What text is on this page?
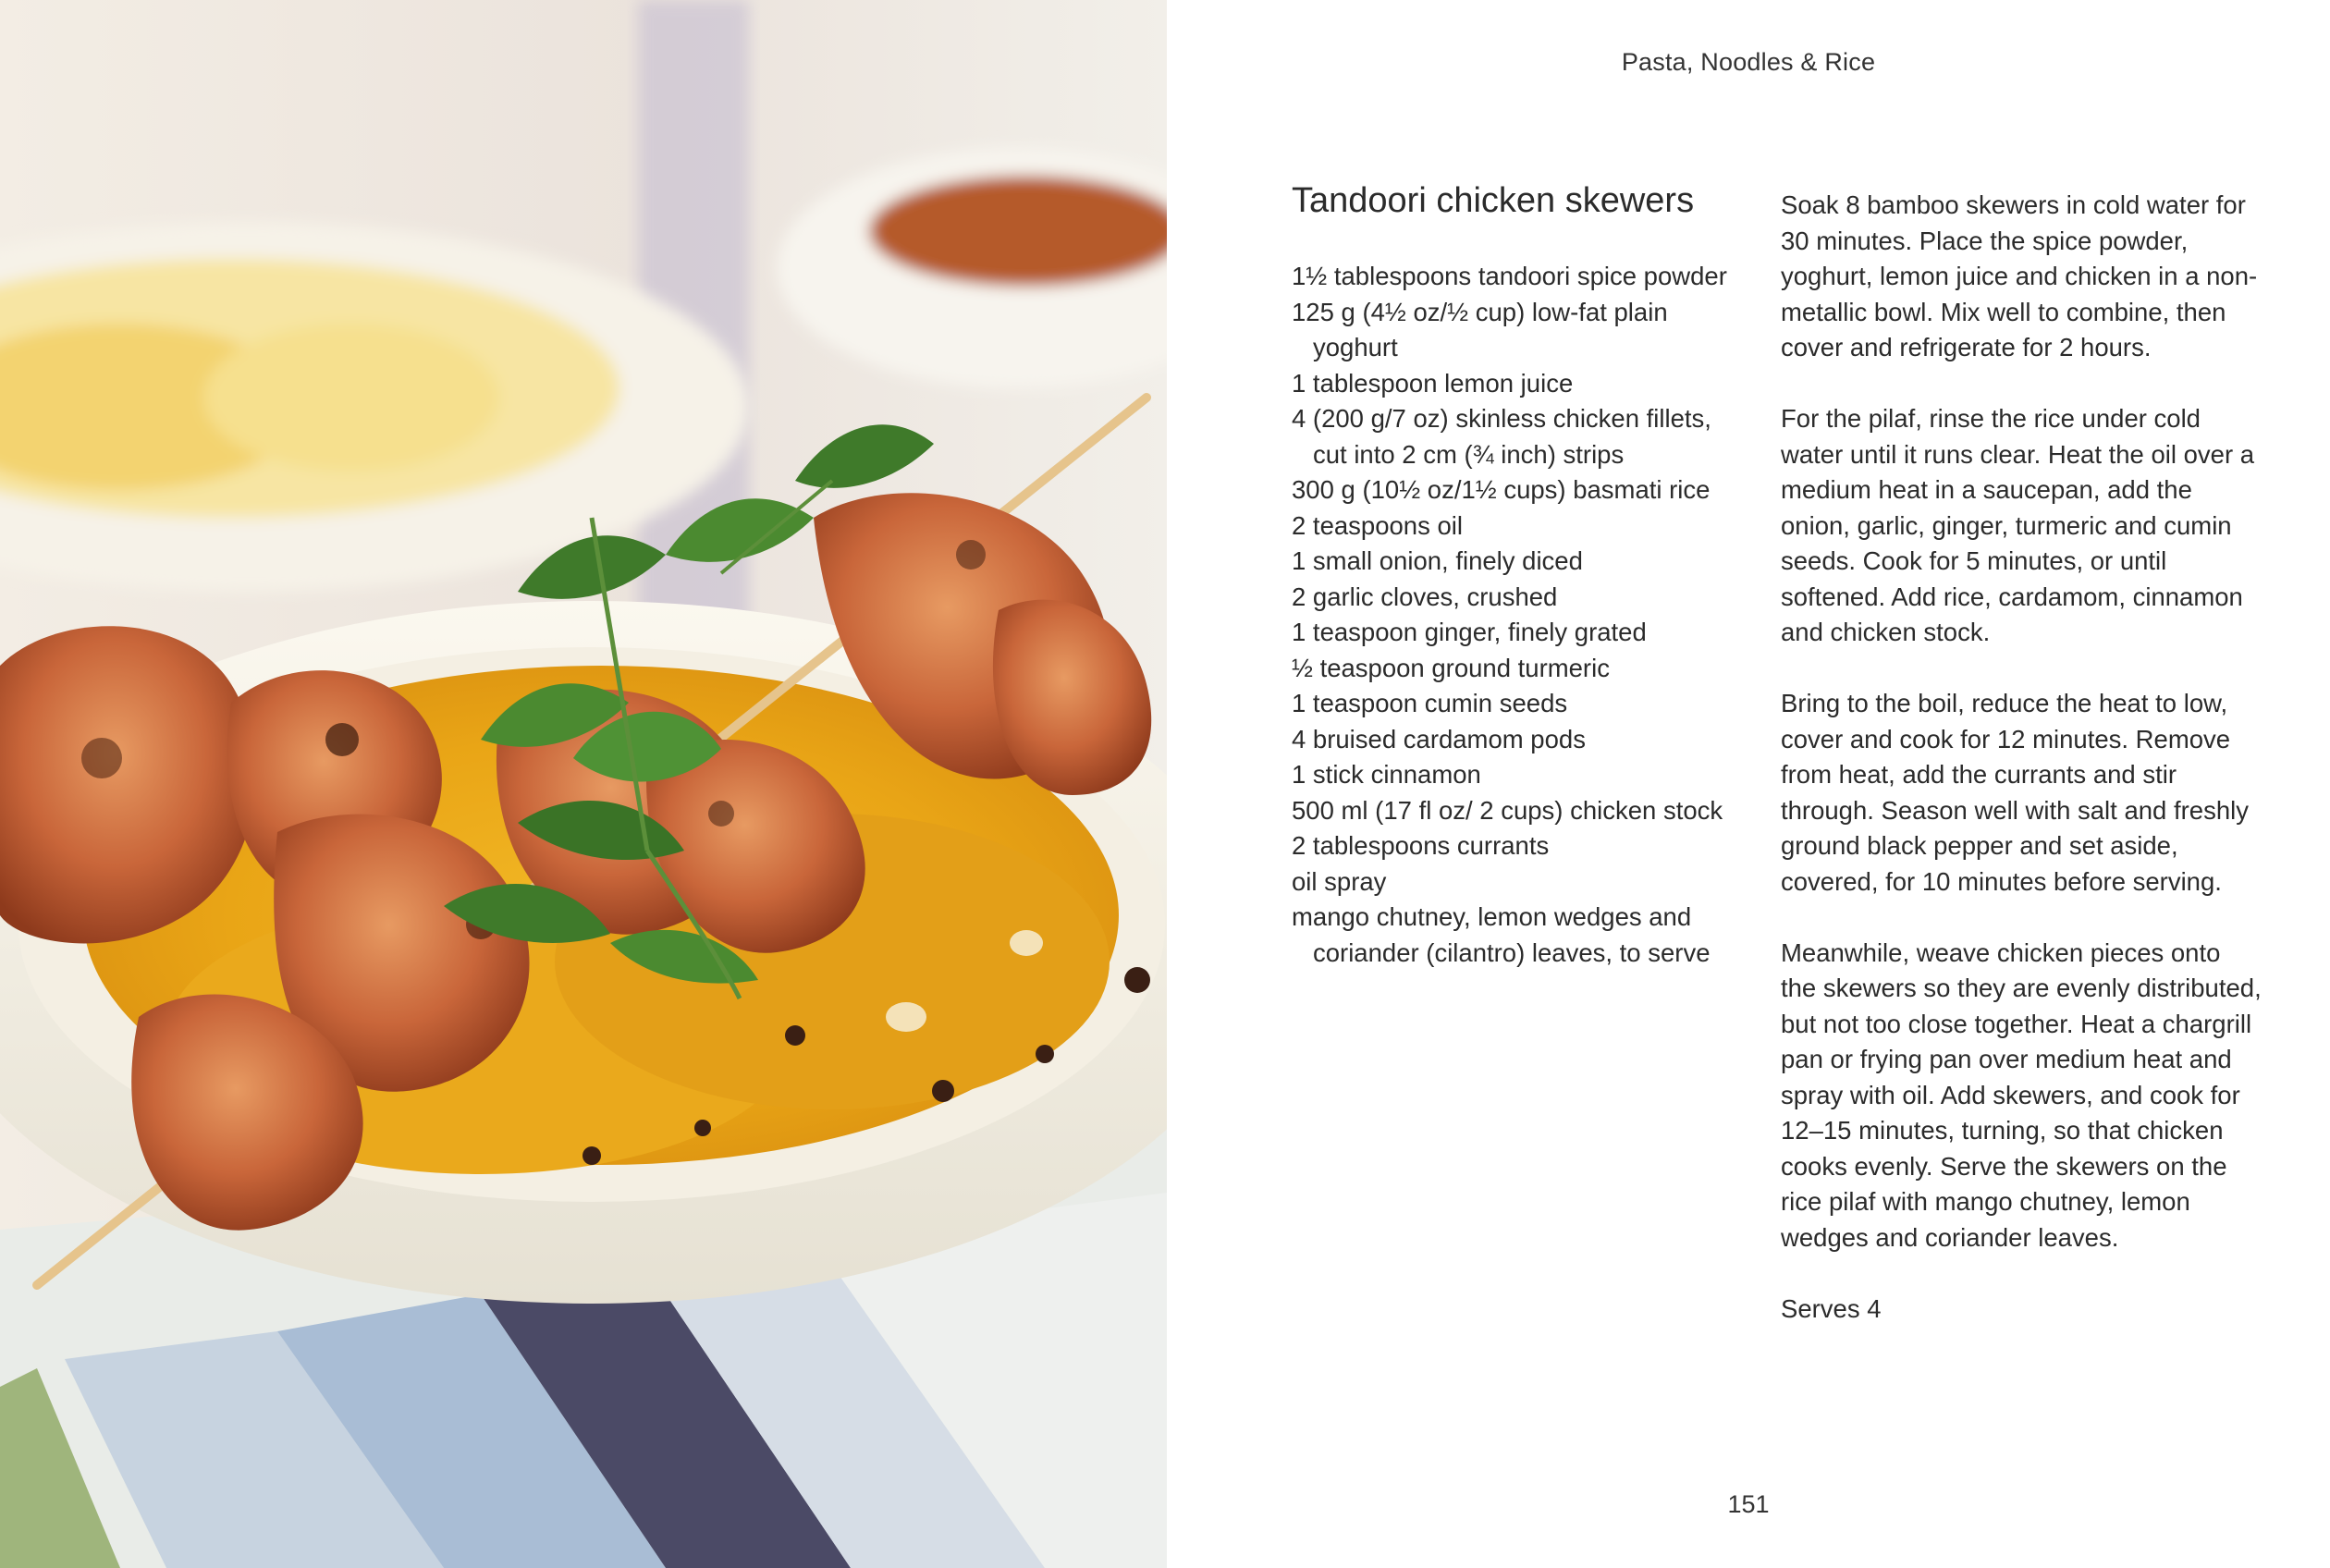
Pasta, Noodles & Rice
Tandoori chicken skewers
1½ tablespoons tandoori spice powder
125 g (4½ oz/½ cup) low-fat plain yoghurt
1 tablespoon lemon juice
4 (200 g/7 oz) skinless chicken fillets, cut into 2 cm (¾ inch) strips
300 g (10½ oz/1½ cups) basmati rice
2 teaspoons oil
1 small onion, finely diced
2 garlic cloves, crushed
1 teaspoon ginger, finely grated
½ teaspoon ground turmeric
1 teaspoon cumin seeds
4 bruised cardamom pods
1 stick cinnamon
500 ml (17 fl oz/ 2 cups) chicken stock
2 tablespoons currants
oil spray
mango chutney, lemon wedges and coriander (cilantro) leaves, to serve

Soak 8 bamboo skewers in cold water for 30 minutes. Place the spice powder, yoghurt, lemon juice and chicken in a non-metallic bowl. Mix well to combine, then cover and refrigerate for 2 hours.

For the pilaf, rinse the rice under cold water until it runs clear. Heat the oil over a medium heat in a saucepan, add the onion, garlic, ginger, turmeric and cumin seeds. Cook for 5 minutes, or until softened. Add rice, cardamom, cinnamon and chicken stock.

Bring to the boil, reduce the heat to low, cover and cook for 12 minutes. Remove from heat, add the currants and stir through. Season well with salt and freshly ground black pepper and set aside, covered, for 10 minutes before serving.

Meanwhile, weave chicken pieces onto the skewers so they are evenly distributed, but not too close together. Heat a chargrill pan or frying pan over medium heat and spray with oil. Add skewers, and cook for 12–15 minutes, turning, so that chicken cooks evenly. Serve the skewers on the rice pilaf with mango chutney, lemon wedges and coriander leaves.

Serves 4

151
